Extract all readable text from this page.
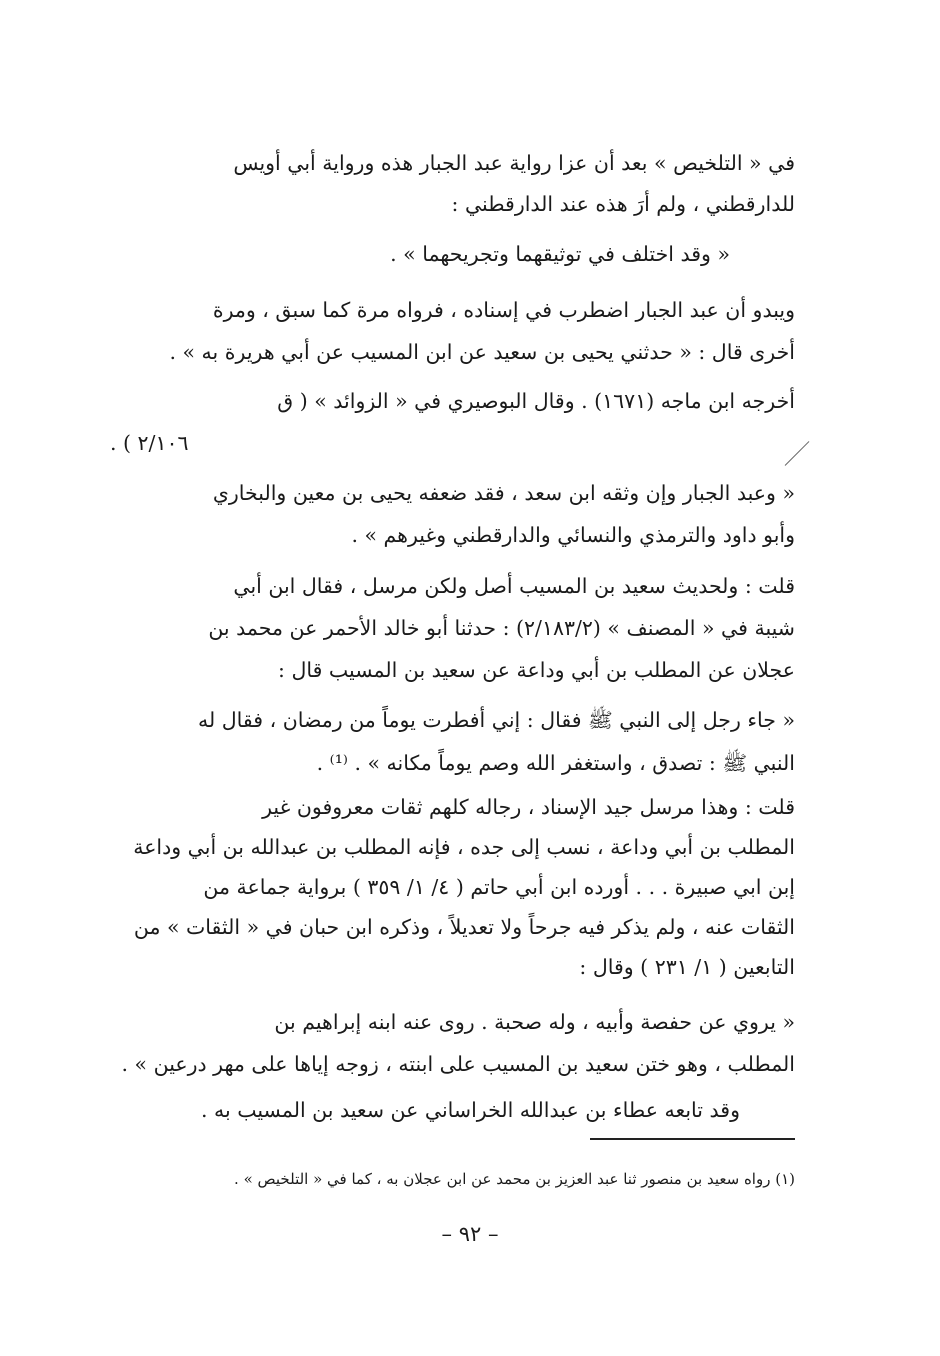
في « التلخيص » بعد أن عزا رواية عبد الجبار هذه ورواية أبي أويس

للدارقطني ، ولم أرَ هذه عند الدارقطني :

« وقد اختلف في توثيقهما وتجريحهما » .

ويبدو أن عبد الجبار اضطرب في إسناده ، فرواه مرة كما سبق ، ومرة

أخرى قال : « حدثني يحيى بن سعيد عن ابن المسيب عن أبي هريرة به » .

أخرجه ابن ماجه (١٦٧١) . وقال البوصيري في « الزوائد » ( ق

٢/١٠٦ ) .

« وعبد الجبار وإن وثقه ابن سعد ، فقد ضعفه يحيى بن معين والبخاري

وأبو داود والترمذي والنسائي والدارقطني وغيرهم » .

قلت : ولحديث سعيد بن المسيب أصل ولكن مرسل ، فقال ابن أبي

شيبة في « المصنف » (٢/١٨٣/٢) : حدثنا أبو خالد الأحمر عن محمد بن

عجلان عن المطلب بن أبي وداعة عن سعيد بن المسيب قال :

« جاء رجل إلى النبي ﷺ فقال : إني أفطرت يوماً من رمضان ، فقال له

النبي ﷺ : تصدق ، واستغفر الله وصم يوماً مكانه » . ⁽¹⁾ .

قلت : وهذا مرسل جيد الإسناد ، رجاله كلهم ثقات معروفون غير

المطلب بن أبي وداعة ، نسب إلى جده ، فإنه المطلب بن عبدالله بن أبي وداعة

إبن ابي صبيرة . . . أورده ابن أبي حاتم ( ٤/ ١/ ٣٥٩ ) برواية جماعة من

الثقات عنه ، ولم يذكر فيه جرحاً ولا تعديلاً ، وذكره ابن حبان في « الثقات » من

التابعين ( ١/ ٢٣١ ) وقال :

« يروي عن حفصة وأبيه ، وله صحبة . روى عنه ابنه إبراهيم بن

المطلب ، وهو ختن سعيد بن المسيب على ابنته ، زوجه إياها على مهر درعين » .

وقد تابعه عطاء بن عبدالله الخراساني عن سعيد بن المسيب به .

(١) رواه سعيد بن منصور ثنا عبد العزيز بن محمد عن ابن عجلان به ، كما في « التلخيص » .
– ٩٢ –
